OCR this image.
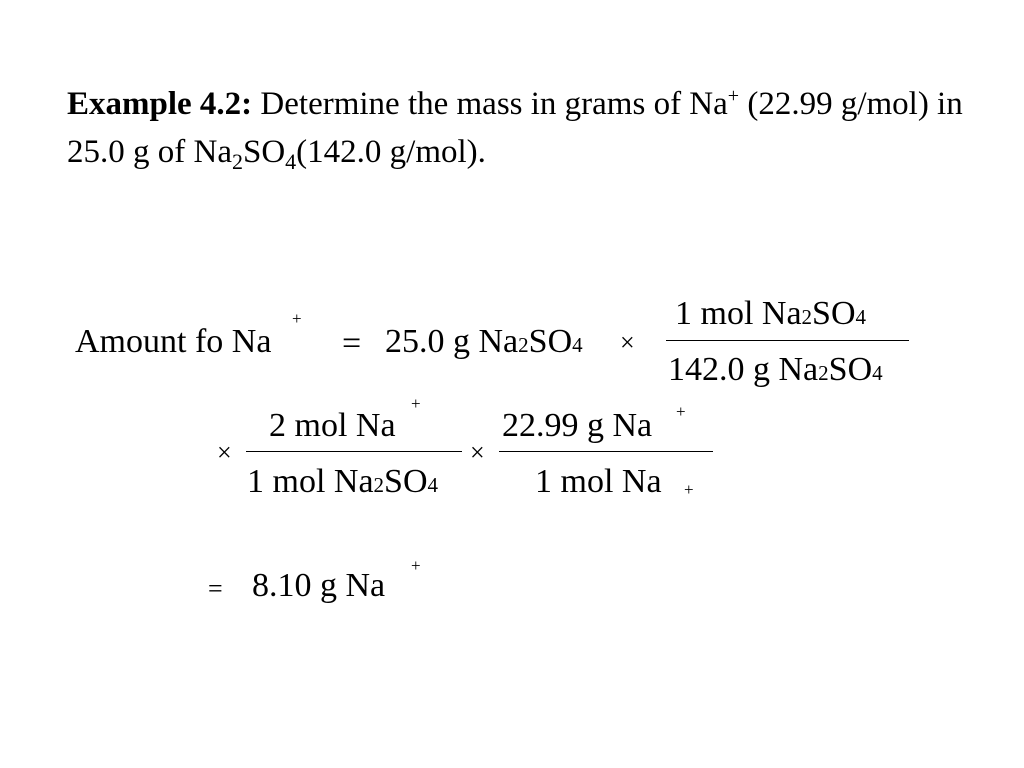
Example 4.2: Determine the mass in grams of Na+ (22.99 g/mol) in 25.0 g of $Na_2SO_4(142.0$ g/mol).
Amount fo Na
+
= 25.0 g Na2SO4 ×
1 mol Na2SO4
142.0 g Na2SO4
×
2 mol Na
+
1 mol Na2SO4
×
22.99 g Na +
1 mol Na +
= 8.10 g Na
+
